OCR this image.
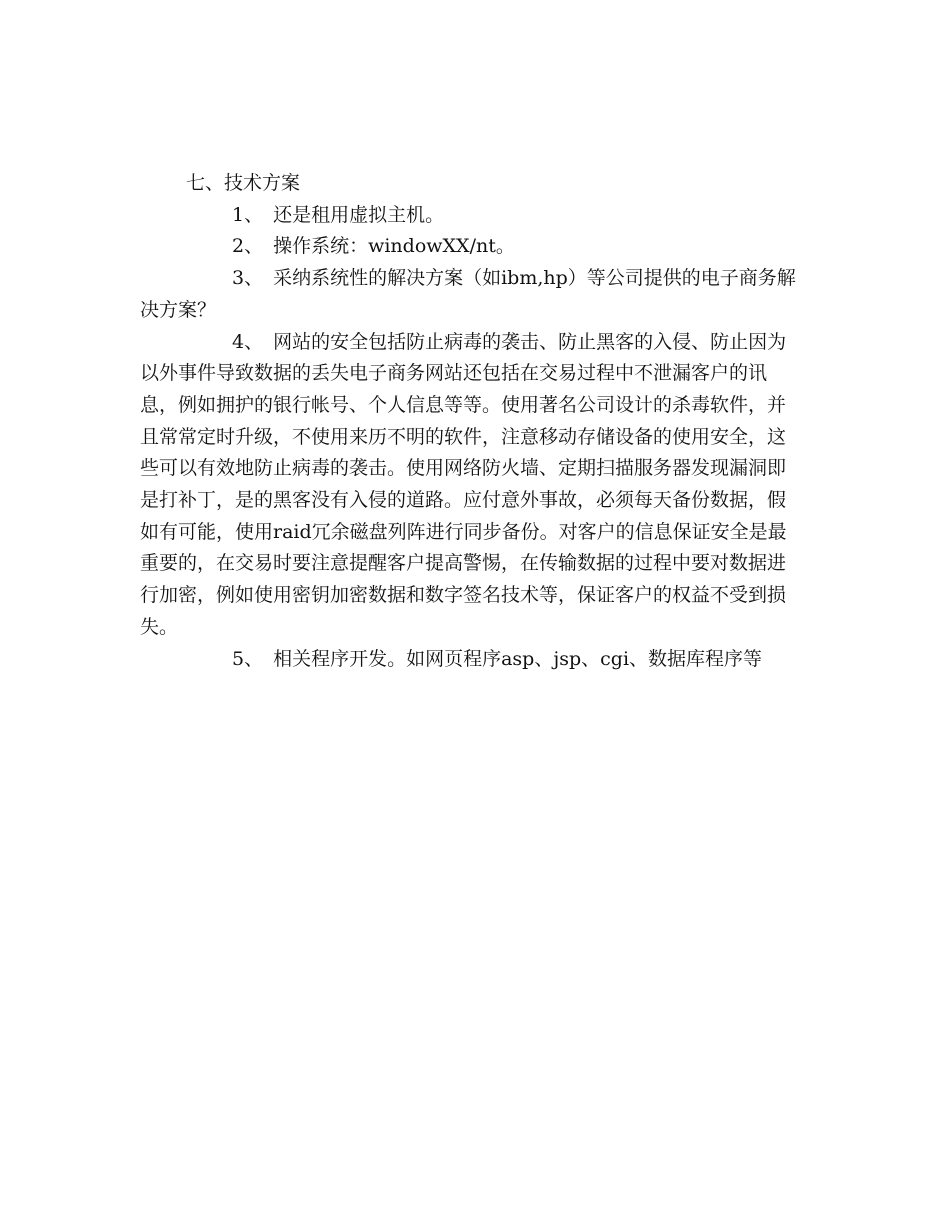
七、技术方案

1、 还是租用虚拟主机。

2、 操作系统：windowXX/nt。

3、 采纳系统性的解决方案（如ibm,hp）等公司提供的电子商务解决方案？

4、 网站的安全包括防止病毒的袭击、防止黑客的入侵、防止因为以外事件导致数据的丢失电子商务网站还包括在交易过程中不泄漏客户的讯息，例如拥护的银行帐号、个人信息等等。使用著名公司设计的杀毒软件，并且常常定时升级，不使用来历不明的软件，注意移动存储设备的使用安全，这些可以有效地防止病毒的袭击。使用网络防火墙、定期扫描服务器发现漏洞即是打补丁，是的黑客没有入侵的道路。应付意外事故，必须每天备份数据，假如有可能，使用raid冗余磁盘列阵进行同步备份。对客户的信息保证安全是最重要的，在交易时要注意提醒客户提高警惕，在传输数据的过程中要对数据进行加密，例如使用密钥加密数据和数字签名技术等，保证客户的权益不受到损失。

5、 相关程序开发。如网页程序asp、jsp、cgi、数据库程序等
